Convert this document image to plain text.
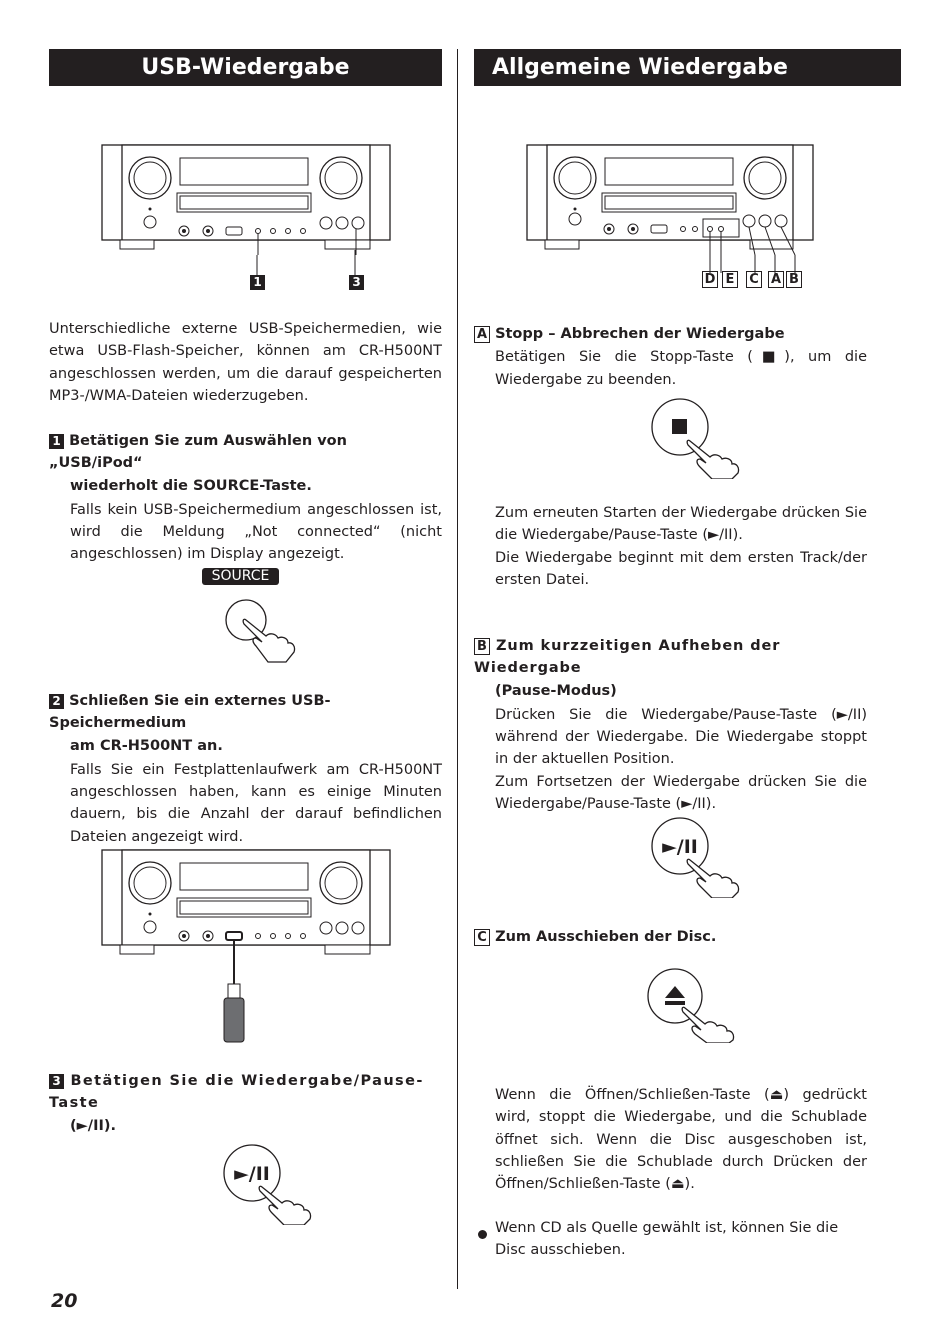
USB-Wiedergabe	Allgemeine Wiedergabe (Disc/USB)
1	3
Unterschiedliche externe USB-Speichermedien, wie etwa USB-Flash-Speicher, können am CR-H500NT angeschlossen werden, um die darauf gespeicherten MP3-/WMA-Dateien wiederzugeben.
1 Betätigen Sie zum Auswählen von „USB/iPod“
wiederholt die SOURCE-Taste.
Falls kein USB-Speichermedium angeschlossen ist, wird die Meldung „Not connected“ (nicht angeschlossen) im Display angezeigt.
SOURCE
2 Schließen Sie ein externes USB-Speichermedium
am CR-H500NT an.
Falls Sie ein Festplattenlaufwerk am CR-H500NT angeschlossen haben, kann es einige Minuten dauern, bis die Anzahl der darauf befindlichen Dateien angezeigt wird.
3 Betätigen Sie die Wiedergabe/Pause-Taste
(►/II).
►/II
D E C A B
A Stopp – Abbrechen der Wiedergabe
Betätigen Sie die Stopp-Taste (■), um die Wiedergabe zu beenden.

Zum erneuten Starten der Wiedergabe drücken Sie die Wiedergabe/Pause-Taste (►/II).

Die Wiedergabe beginnt mit dem ersten Track/der ersten Datei.

B Zum kurzzeitigen Aufheben der Wiedergabe
(Pause-Modus)

Drücken Sie die Wiedergabe/Pause-Taste (►/II) während der Wiedergabe. Die Wiedergabe stoppt in der aktuellen Position.

Zum Fortsetzen der Wiedergabe drücken Sie die Wiedergabe/Pause-Taste (►/II).

►/II
C Zum Ausschieben der Disc.
Wenn die Öffnen/Schließen-Taste (⏏) gedrückt wird, stoppt die Wiedergabe, und die Schublade öffnet sich. Wenn die Disc ausgeschoben ist, schließen Sie die Schublade durch Drücken der Öffnen/Schließen-Taste (⏏).
Wenn CD als Quelle gewählt ist, können Sie die Disc ausschieben.
20
